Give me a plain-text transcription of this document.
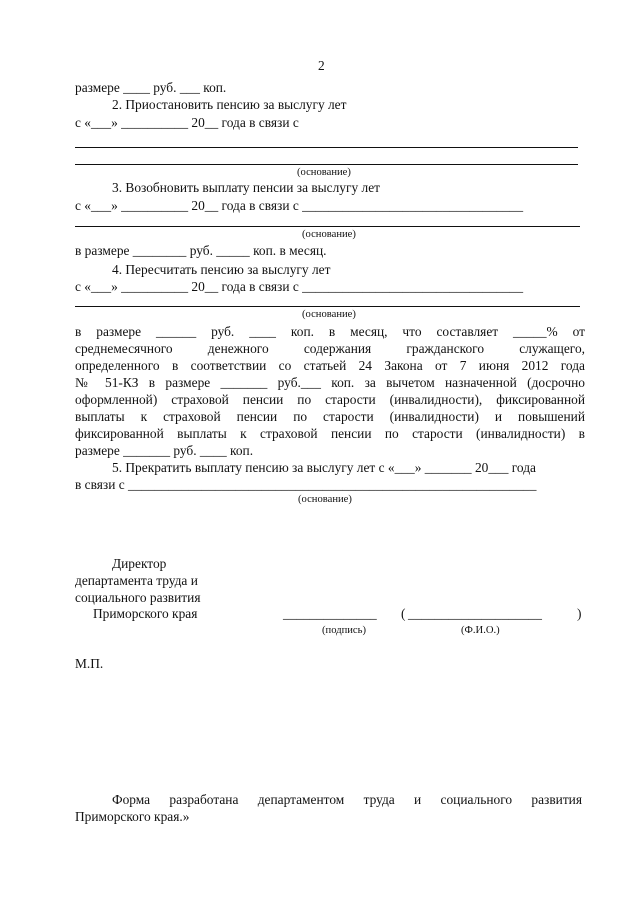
2
размере ____ руб. ___ коп.
2. Приостановить пенсию за выслугу лет
с «___» __________ 20__ года в связи с
(основание)
3. Возобновить выплату пенсии за выслугу лет
с «___» __________ 20__ года в связи с _________________________________
(основание)
в размере ________ руб. _____ коп. в месяц.
4. Пересчитать пенсию за выслугу лет
с «___» __________ 20__ года в связи с _________________________________
(основание)
в размере ______ руб. ____ коп. в месяц, что составляет _____% от
среднемесячного денежного содержания гражданского служащего,
определенного в соответствии со статьей 24 Закона от 7 июня 2012 года
№ 51-КЗ в размере _______ руб.___ коп. за вычетом назначенной (досрочно
оформленной) страховой пенсии по старости (инвалидности), фиксированной
выплаты к страховой пенсии по старости (инвалидности) и повышений
фиксированной выплаты к страховой пенсии по старости (инвалидности) в
размере _______ руб. ____ коп.
5. Прекратить выплату пенсию за выслугу лет с «___» _______ 20___ года
в связи с _____________________________________________________________
(основание)
Директор
департамента труда и
социального развития
Приморского края	______________ ( ____________________	)
(подпись)	(Ф.И.О.)
М.П.
Форма разработана департаментом труда и социального развития
Приморского края.»
